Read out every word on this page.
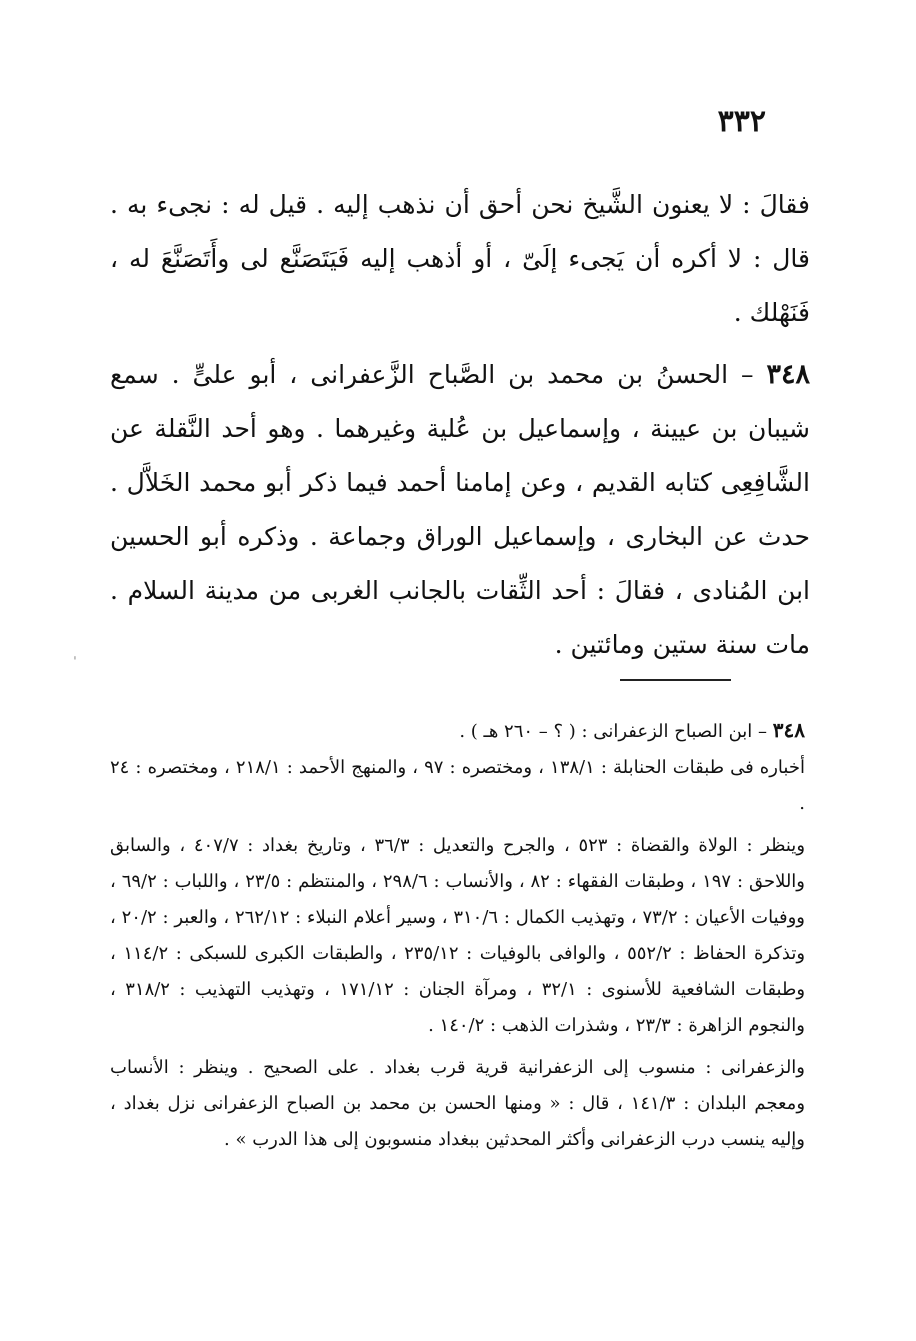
٣٣٢

فقالَ : لا يعنون الشَّيخ نحن أحق أن نذهب إليه . قيل له : نجىء به . قال : لا أكره أن يَجىء إلَىّ ، أو أذهب إليه فَيَتَصَنَّع لى وأَتَصَنَّعَ له ، فَنَهْلك .

٣٤٨ – الحسنُ بن محمد بن الصَّباح الزَّعفرانى ، أبو علىٍّ . سمع شيبان بن عيينة ، وإسماعيل بن عُلية وغيرهما . وهو أحد النَّقلة عن الشَّافِعِى كتابه القديم ، وعن إمامنا أحمد فيما ذكر أبو محمد الخَلاَّل . حدث عن البخارى ، وإسماعيل الوراق وجماعة . وذكره أبو الحسين ابن المُنادى ، فقالَ : أحد الثِّقات بالجانب الغربى من مدينة السلام . مات سنة ستين ومائتين .

ˈ

٣٤٨ – ابن الصباح الزعفرانى : ( ؟ – ٢٦٠ هـ ) .

أخباره فى طبقات الحنابلة : ١٣٨/١ ، ومختصره : ٩٧ ، والمنهج الأحمد : ٢١٨/١ ، ومختصره : ٢٤ .

وينظر : الولاة والقضاة : ٥٢٣ ، والجرح والتعديل : ٣٦/٣ ، وتاريخ بغداد : ٤٠٧/٧ ، والسابق واللاحق : ١٩٧ ، وطبقات الفقهاء : ٨٢ ، والأنساب : ٢٩٨/٦ ، والمنتظم : ٢٣/٥ ، واللباب : ٦٩/٢ ، ووفيات الأعيان : ٧٣/٢ ، وتهذيب الكمال : ٣١٠/٦ ، وسير أعلام النبلاء : ٢٦٢/١٢ ، والعبر : ٢٠/٢ ، وتذكرة الحفاظ : ٥٥٢/٢ ، والوافى بالوفيات : ٢٣٥/١٢ ، والطبقات الكبرى للسبكى : ١١٤/٢ ، وطبقات الشافعية للأسنوى : ٣٢/١ ، ومرآة الجنان : ١٧١/١٢ ، وتهذيب التهذيب : ٣١٨/٢ ، والنجوم الزاهرة : ٢٣/٣ ، وشذرات الذهب : ١٤٠/٢ .

والزعفرانى : منسوب إلى الزعفرانية قرية قرب بغداد . على الصحيح . وينظر : الأنساب ومعجم البلدان : ١٤١/٣ ، قال : « ومنها الحسن بن محمد بن الصباح الزعفرانى نزل بغداد ، وإليه ينسب درب الزعفرانى وأكثر المحدثين ببغداد منسوبون إلى هذا الدرب » .
